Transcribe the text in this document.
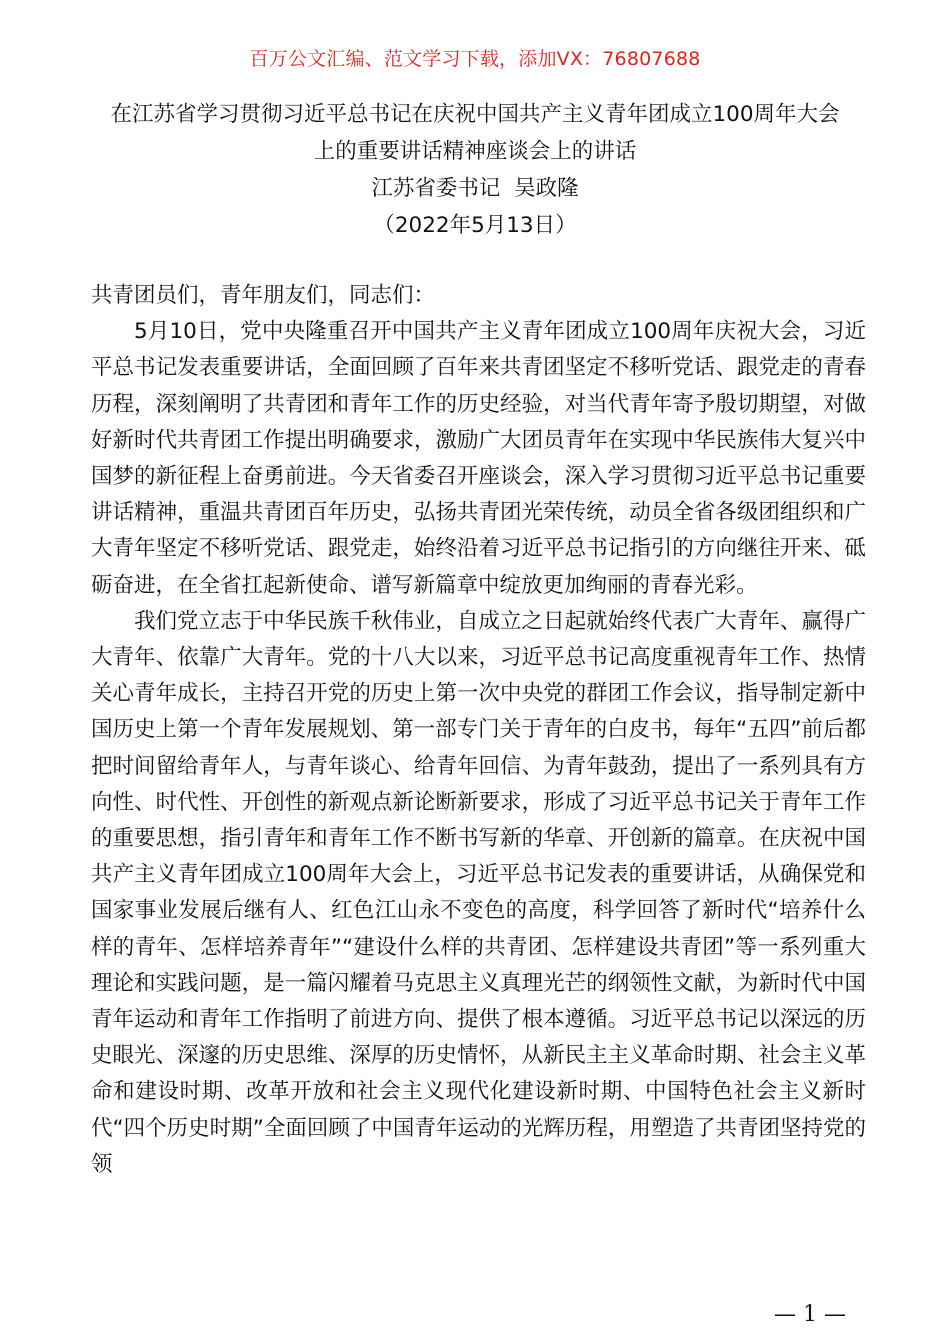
百万公文汇编、范文学习下载，添加VX：76807688
在江苏省学习贯彻习近平总书记在庆祝中国共产主义青年团成立100周年大会
上的重要讲话精神座谈会上的讲话
江苏省委书记  吴政隆
（2022年5月13日）

共青团员们，青年朋友们，同志们：

5月10日，党中央隆重召开中国共产主义青年团成立100周年庆祝大会，习近平总书记发表重要讲话，全面回顾了百年来共青团坚定不移听党话、跟党走的青春历程，深刻阐明了共青团和青年工作的历史经验，对当代青年寄予殷切期望，对做好新时代共青团工作提出明确要求，激励广大团员青年在实现中华民族伟大复兴中国梦的新征程上奋勇前进。今天省委召开座谈会，深入学习贯彻习近平总书记重要讲话精神，重温共青团百年历史，弘扬共青团光荣传统，动员全省各级团组织和广大青年坚定不移听党话、跟党走，始终沿着习近平总书记指引的方向继往开来、砥砺奋进，在全省扛起新使命、谱写新篇章中绽放更加绚丽的青春光彩。

我们党立志于中华民族千秋伟业，自成立之日起就始终代表广大青年、赢得广大青年、依靠广大青年。党的十八大以来，习近平总书记高度重视青年工作、热情关心青年成长，主持召开党的历史上第一次中央党的群团工作会议，指导制定新中国历史上第一个青年发展规划、第一部专门关于青年的白皮书，每年“五四”前后都把时间留给青年人，与青年谈心、给青年回信、为青年鼓劲，提出了一系列具有方向性、时代性、开创性的新观点新论断新要求，形成了习近平总书记关于青年工作的重要思想，指引青年和青年工作不断书写新的华章、开创新的篇章。在庆祝中国共产主义青年团成立100周年大会上，习近平总书记发表的重要讲话，从确保党和国家事业发展后继有人、红色江山永不变色的高度，科学回答了新时代“培养什么样的青年、怎样培养青年”“建设什么样的共青团、怎样建设共青团”等一系列重大理论和实践问题，是一篇闪耀着马克思主义真理光芒的纲领性文献，为新时代中国青年运动和青年工作指明了前进方向、提供了根本遵循。习近平总书记以深远的历史眼光、深邃的历史思维、深厚的历史情怀，从新民主主义革命时期、社会主义革命和建设时期、改革开放和社会主义现代化建设新时期、中国特色社会主义新时代“四个历史时期”全面回顾了中国青年运动的光辉历程，用塑造了共青团坚持党的领

— 1 —
